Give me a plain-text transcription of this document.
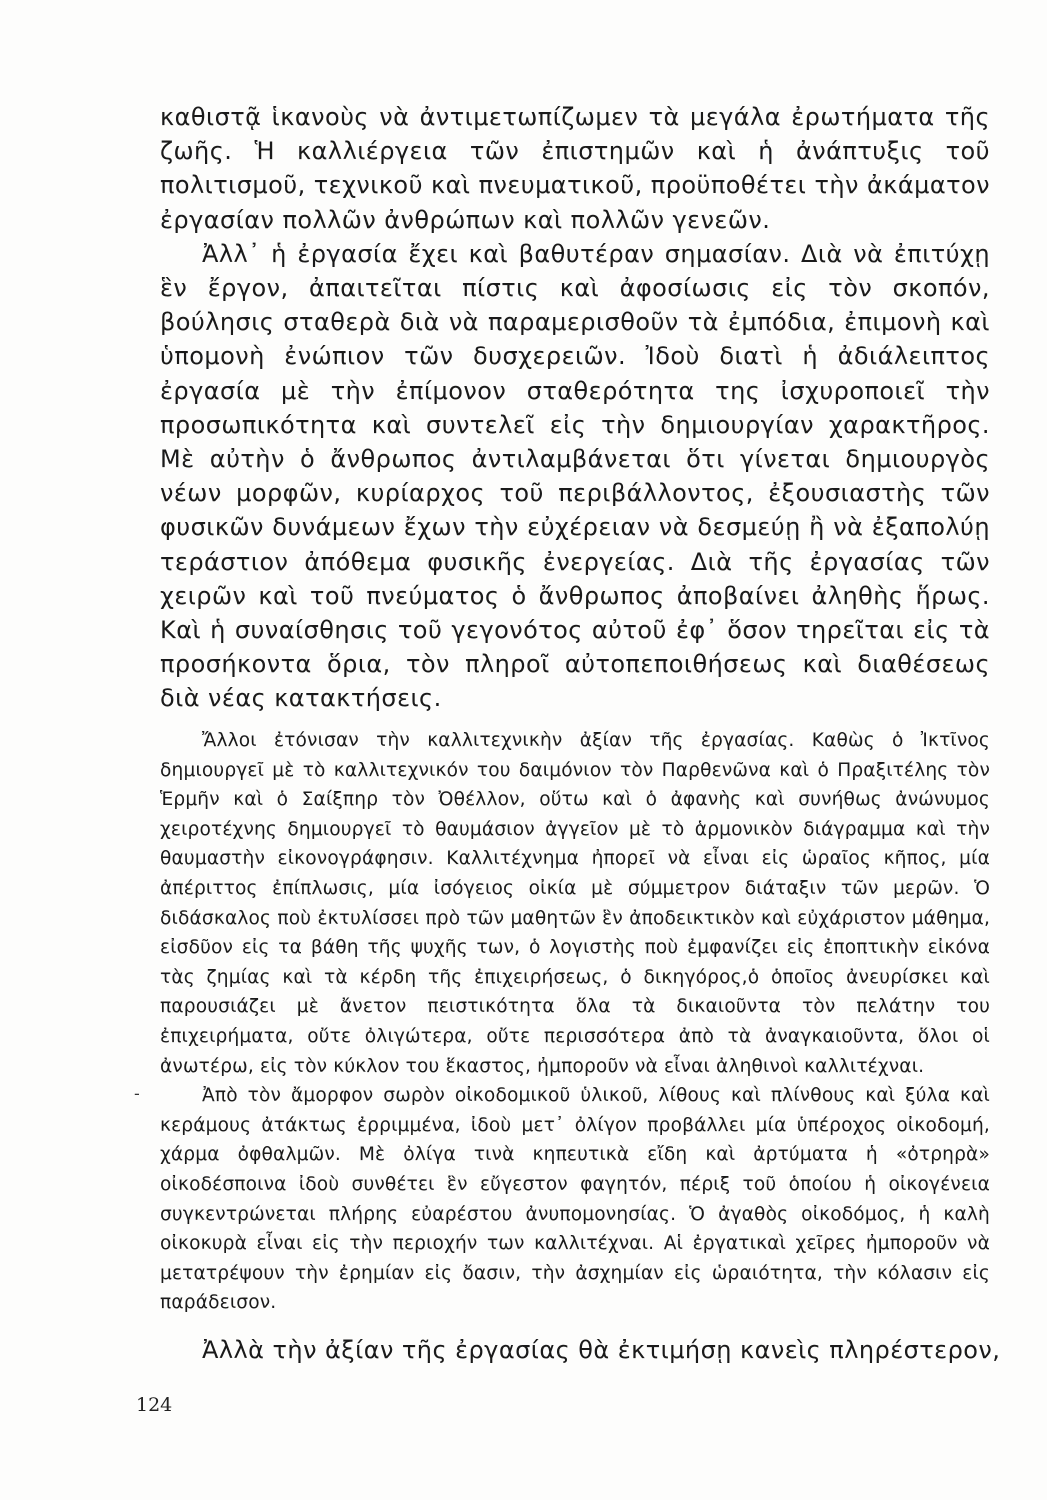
καθιστᾷ ἱκανοὺς νὰ ἀντιμετωπίζωμεν τὰ μεγάλα ἐρωτήματα τῆς ζωῆς. Ἡ καλλιέργεια τῶν ἐπιστημῶν καὶ ἡ ἀνάπτυξις τοῦ πολιτισμοῦ, τεχνικοῦ καὶ πνευματικοῦ, προϋποθέτει τὴν ἀκάματον ἐργασίαν πολλῶν ἀνθρώπων καὶ πολλῶν γενεῶν.

Ἀλλ᾽ ἡ ἐργασία ἔχει καὶ βαθυτέραν σημασίαν. Διὰ νὰ ἐπιτύχῃ ἓν ἔργον, ἀπαιτεῖται πίστις καὶ ἀφοσίωσις εἰς τὸν σκοπόν, βούλησις σταθερὰ διὰ νὰ παραμερισθοῦν τὰ ἐμπόδια, ἐπιμονὴ καὶ ὑπομονὴ ἐνώπιον τῶν δυσχερειῶν. Ἰδοὺ διατὶ ἡ ἀδιάλειπτος ἐργασία μὲ τὴν ἐπίμονον σταθερότητα της ἰσχυροποιεῖ τὴν προσωπικότητα καὶ συντελεῖ εἰς τὴν δημιουργίαν χαρακτῆρος. Μὲ αὐτὴν ὁ ἄνθρωπος ἀντιλαμβάνεται ὅτι γίνεται δημιουργὸς νέων μορφῶν, κυρίαρχος τοῦ περιβάλλοντος, ἐξουσιαστὴς τῶν φυσικῶν δυνάμεων ἔχων τὴν εὐχέρειαν νὰ δεσμεύῃ ἢ νὰ ἐξαπολύῃ τεράστιον ἀπόθεμα φυσικῆς ἐνεργείας. Διὰ τῆς ἐργασίας τῶν χειρῶν καὶ τοῦ πνεύματος ὁ ἄνθρωπος ἀποβαίνει ἀληθὴς ἥρως. Καὶ ἡ συναίσθησις τοῦ γεγονότος αὐτοῦ ἐφ᾽ ὅσον τηρεῖται εἰς τὰ προσήκοντα ὅρια, τὸν πληροῖ αὐτοπεποιθήσεως καὶ διαθέσεως διὰ νέας κατακτήσεις.

Ἄλλοι ἐτόνισαν τὴν καλλιτεχνικὴν ἀξίαν τῆς ἐργασίας. Καθὼς ὁ Ἰκτῖνος δημιουργεῖ μὲ τὸ καλλιτεχνικόν του δαιμόνιον τὸν Παρθενῶνα καὶ ὁ Πραξιτέλης τὸν Ἑρμῆν καὶ ὁ Σαίξπηρ τὸν Ὀθέλλον, οὕτω καὶ ὁ ἀφανὴς καὶ συνήθως ἀνώνυμος χειροτέχνης δημιουργεῖ τὸ θαυμάσιον ἀγγεῖον μὲ τὸ ἁρμονικὸν διάγραμμα καὶ τὴν θαυμαστὴν εἰκονογράφησιν. Καλλιτέχνημα ἠπορεῖ νὰ εἶναι εἰς ὡραῖος κῆπος, μία ἀπέριττος ἐπίπλωσις, μία ἰσόγειος οἰκία μὲ σύμμετρον διάταξιν τῶν μερῶν. Ὁ διδάσκαλος ποὺ ἐκτυλίσσει πρὸ τῶν μαθητῶν ἓν ἀποδεικτικὸν καὶ εὐχάριστον μάθημα, εἰσδῦον εἰς τα βάθη τῆς ψυχῆς των, ὁ λογιστὴς ποὺ ἐμφανίζει εἰς ἐποπτικὴν εἰκόνα τὰς ζημίας καὶ τὰ κέρδη τῆς ἐπιχειρήσεως, ὁ δικηγόρος,ὁ ὁποῖος ἀνευρίσκει καὶ παρουσιάζει μὲ ἄνετον πειστικότητα ὅλα τὰ δικαιοῦντα τὸν πελάτην του ἐπιχειρήματα, οὔτε ὀλιγώτερα, οὔτε περισσότερα ἀπὸ τὰ ἀναγκαιοῦντα, ὅλοι οἱ ἀνωτέρω, εἰς τὸν κύκλον του ἕκαστος, ἠμποροῦν νὰ εἶναι ἀληθινοὶ καλλιτέχναι.

Ἀπὸ τὸν ἄμορφον σωρὸν οἰκοδομικοῦ ὑλικοῦ, λίθους καὶ πλίνθους καὶ ξύλα καὶ κεράμους ἀτάκτως ἐρριμμένα, ἰδοὺ μετ᾽ ὀλίγον προβάλλει μία ὑπέροχος οἰκοδομή, χάρμα ὀφθαλμῶν. Μὲ ὀλίγα τινὰ κηπευτικὰ εἴδη καὶ ἀρτύματα ἡ «ὀτρηρὰ» οἰκοδέσποινα ἰδοὺ συνθέτει ἓν εὔγεστον φαγητόν, πέριξ τοῦ ὁποίου ἡ οἰκογένεια συγκεντρώνεται πλήρης εὐαρέστου ἀνυπομονησίας. Ὁ ἀγαθὸς οἰκοδόμος, ἡ καλὴ οἰκοκυρὰ εἶναι εἰς τὴν περιοχήν των καλλιτέχναι. Αἱ ἐργατικαὶ χεῖρες ἠμποροῦν νὰ μετατρέψουν τὴν ἐρημίαν εἰς ὄασιν, τὴν ἀσχημίαν εἰς ὡραιότητα, τὴν κόλασιν εἰς παράδεισον.

-

Ἀλλὰ τὴν ἀξίαν τῆς ἐργασίας θὰ ἐκτιμήσῃ κανεὶς πληρέστερον,

124
